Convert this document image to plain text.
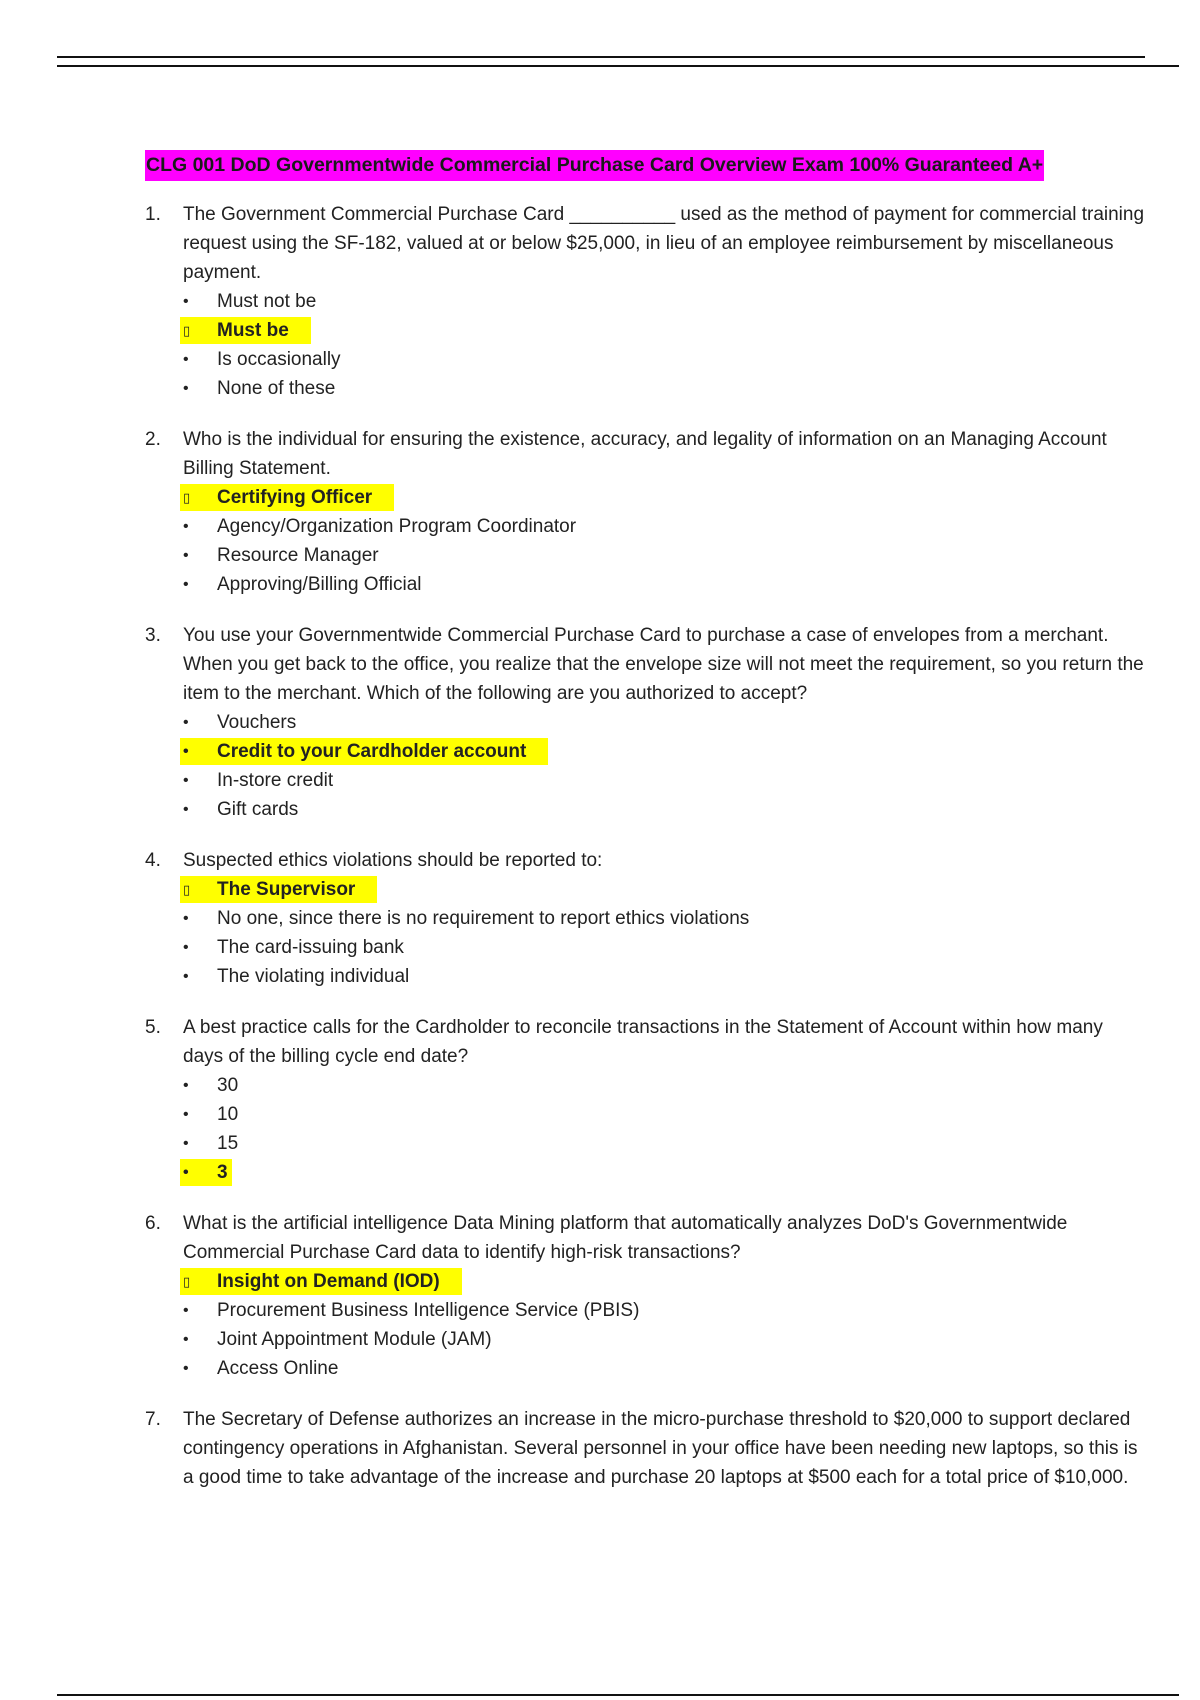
CLG 001 DoD Governmentwide Commercial Purchase Card Overview Exam 100% Guaranteed A+
1.	The Government Commercial Purchase Card __________ used as the method of payment for commercial training request using the SF-182, valued at or below $25,000, in lieu of an employee reimbursement by miscellaneous payment.
•	Must not be
▯	Must be
•	Is occasionally
•	None of these
2.	Who is the individual for ensuring the existence, accuracy, and legality of information on an Managing Account Billing Statement.
▯	Certifying Officer
•	Agency/Organization Program Coordinator
•	Resource Manager
•	Approving/Billing Official
3.	You use your Governmentwide Commercial Purchase Card to purchase a case of envelopes from a merchant. When you get back to the office, you realize that the envelope size will not meet the requirement, so you return the item to the merchant. Which of the following are you authorized to accept?
•	Vouchers
•	Credit to your Cardholder account
•	In-store credit
•	Gift cards
4.	Suspected ethics violations should be reported to:
▯	The Supervisor
•	No one, since there is no requirement to report ethics violations
•	The card-issuing bank
•	The violating individual
5.	A best practice calls for the Cardholder to reconcile transactions in the Statement of Account within how many days of the billing cycle end date?
•	30
•	10
•	15
•	3
6.	What is the artificial intelligence Data Mining platform that automatically analyzes DoD's Governmentwide Commercial Purchase Card data to identify high-risk transactions?
▯	Insight on Demand (IOD)
•	Procurement Business Intelligence Service (PBIS)
•	Joint Appointment Module (JAM)
•	Access Online
7.	The Secretary of Defense authorizes an increase in the micro-purchase threshold to $20,000 to support declared contingency operations in Afghanistan. Several personnel in your office have been needing new laptops, so this is a good time to take advantage of the increase and purchase 20 laptops at $500 each for a total price of $10,000.
